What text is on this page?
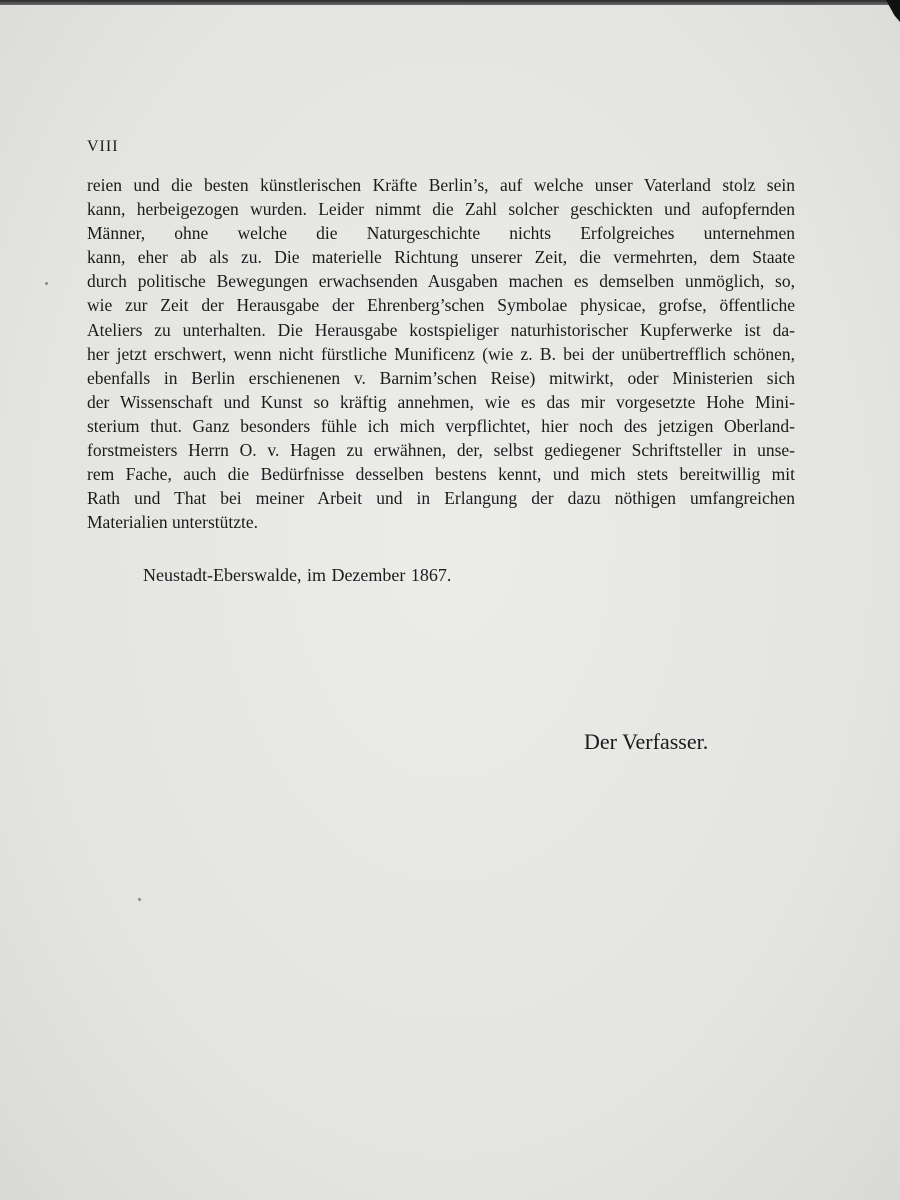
VIII
reien und die besten künstlerischen Kräfte Berlin’s, auf welche unser Vaterland stolz sein
kann, herbeigezogen wurden. Leider nimmt die Zahl solcher geschickten und aufopfernden
Männer, ohne welche die Naturgeschichte nichts Erfolgreiches unternehmen
kann, eher ab als zu. Die materielle Richtung unserer Zeit, die vermehrten, dem Staate
durch politische Bewegungen erwachsenden Ausgaben machen es demselben unmöglich, so,
wie zur Zeit der Herausgabe der Ehrenberg’schen Symbolae physicae, grofse, öffentliche
Ateliers zu unterhalten. Die Herausgabe kostspieliger naturhistorischer Kupferwerke ist da-
her jetzt erschwert, wenn nicht fürstliche Munificenz (wie z. B. bei der unübertrefflich schönen,
ebenfalls in Berlin erschienenen v. Barnim’schen Reise) mitwirkt, oder Ministerien sich
der Wissenschaft und Kunst so kräftig annehmen, wie es das mir vorgesetzte Hohe Mini-
sterium thut. Ganz besonders fühle ich mich verpflichtet, hier noch des jetzigen Oberland-
forstmeisters Herrn O. v. Hagen zu erwähnen, der, selbst gediegener Schriftsteller in unse-
rem Fache, auch die Bedürfnisse desselben bestens kennt, und mich stets bereitwillig mit
Rath und That bei meiner Arbeit und in Erlangung der dazu nöthigen umfangreichen
Materialien unterstützte.
Neustadt-Eberswalde, im Dezember 1867.
Der Verfasser.
